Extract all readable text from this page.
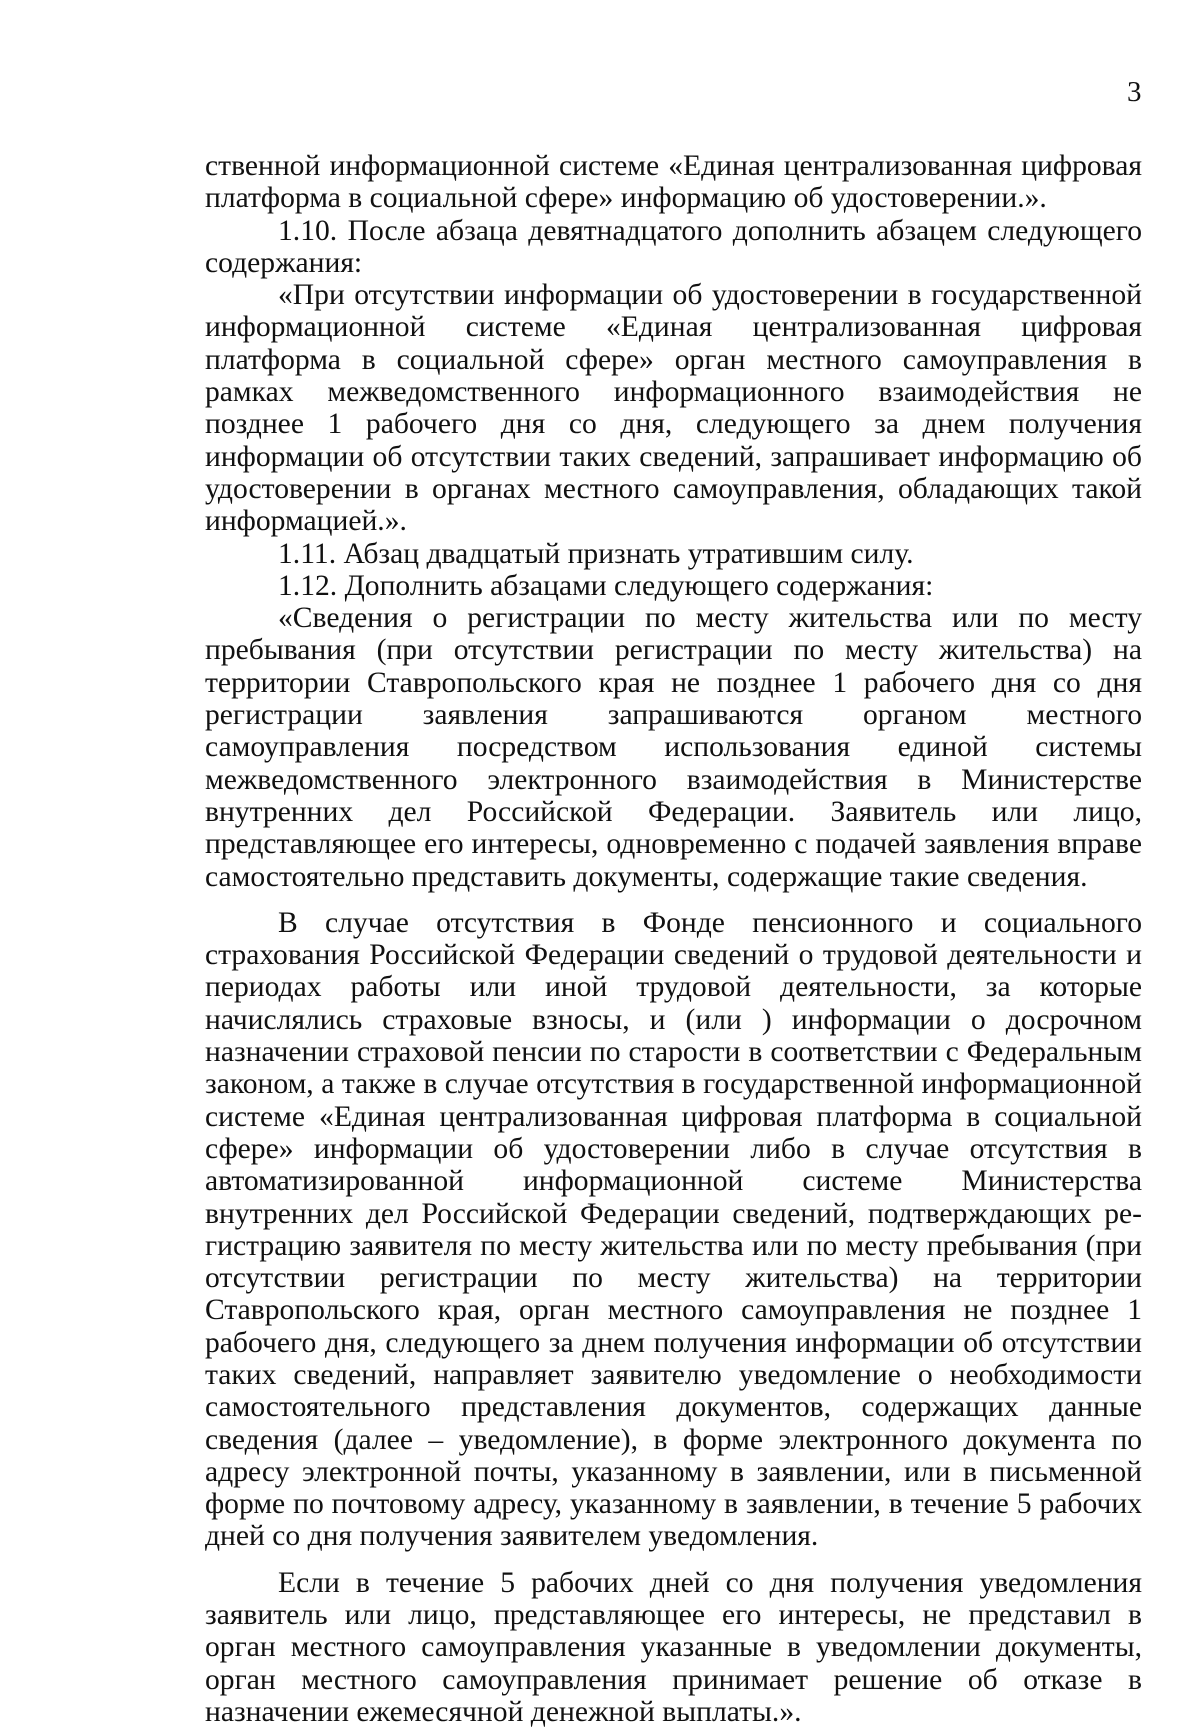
3

ственной информационной системе «Единая централизованная цифровая платформа в социальной сфере» информацию об удостоверении.».

1.10. После абзаца девятнадцатого дополнить абзацем следующего содержания:

«При отсутствии информации об удостоверении в государственной информационной системе «Единая централизованная цифровая платформа в социальной сфере» орган местного самоуправления в рамках межведомственного информационного взаимодействия не позднее 1 рабочего дня со дня, следующего за днем получения информации об отсутствии таких сведений, запрашивает информацию об удостоверении в органах местного самоуправления, обладающих такой информацией.».

1.11. Абзац двадцатый признать утратившим силу.

1.12. Дополнить абзацами следующего содержания:

«Сведения о регистрации по месту жительства или по месту пребывания (при отсутствии регистрации по месту жительства) на территории Ставропольского края не позднее 1 рабочего дня со дня регистрации заявления запрашиваются органом местного самоуправления посредством использования единой системы межведомственного электронного взаимодействия в Министерстве внутренних дел Российской Федерации. Заявитель или лицо, представляющее его интересы, одновременно с подачей заявления вправе самостоятельно представить документы, содержащие такие сведения.

В случае отсутствия в Фонде пенсионного и социального страхования Российской Федерации сведений о трудовой деятельности и периодах работы или иной трудовой деятельности, за которые начислялись страховые взносы, и (или ) информации о досрочном назначении страховой пенсии по старости в соответствии с Федеральным законом, а также в случае отсутствия в государственной информационной системе «Единая централизованная цифровая платформа в социальной сфере» информации об удостоверении либо в случае отсутствия в автоматизированной информационной системе Министерства внутренних дел Российской Федерации сведений, подтверждающих регистрацию заявителя по месту жительства или по месту пребывания (при отсутствии регистрации по месту жительства) на территории Ставропольского края, орган местного самоуправления не позднее 1 рабочего дня, следующего за днем получения информации об отсутствии таких сведений, направляет заявителю уведомление о необходимости самостоятельного представления документов, содержащих данные сведения (далее – уведомление), в форме электронного документа по адресу электронной почты, указанному в заявлении, или в письменной форме по почтовому адресу, указанному в заявлении, в течение 5 рабочих дней со дня получения заявителем уведомления.

Если в течение 5 рабочих дней со дня получения уведомления заявитель или лицо, представляющее его интересы, не представил в орган местного самоуправления указанные в уведомлении документы, орган местного самоуправления принимает решение об отказе в назначении ежемесячной денежной выплаты.».
